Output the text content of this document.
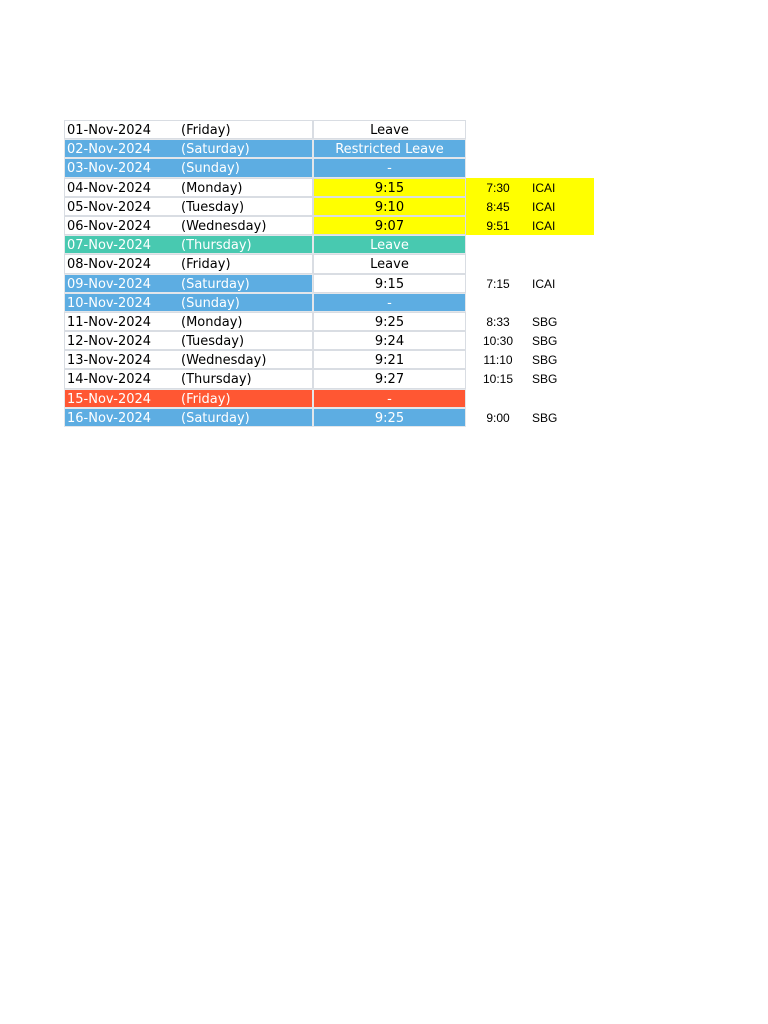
01-Nov-2024 (Friday)	Leave
02-Nov-2024 (Saturday)	Restricted Leave
03-Nov-2024 (Sunday)	-
04-Nov-2024 (Monday)	9:15	7:30	ICAI
05-Nov-2024 (Tuesday)	9:10	8:45	ICAI
06-Nov-2024 (Wednesday)	9:07	9:51	ICAI
07-Nov-2024 (Thursday)	Leave
08-Nov-2024 (Friday)	Leave
09-Nov-2024 (Saturday)	9:15	7:15	ICAI
10-Nov-2024 (Sunday)	-
11-Nov-2024 (Monday)	9:25	8:33	SBG
12-Nov-2024 (Tuesday)	9:24	10:30	SBG
13-Nov-2024 (Wednesday)	9:21	11:10	SBG
14-Nov-2024 (Thursday)	9:27	10:15	SBG
15-Nov-2024 (Friday)	-
16-Nov-2024 (Saturday)	9:25	9:00	SBG
